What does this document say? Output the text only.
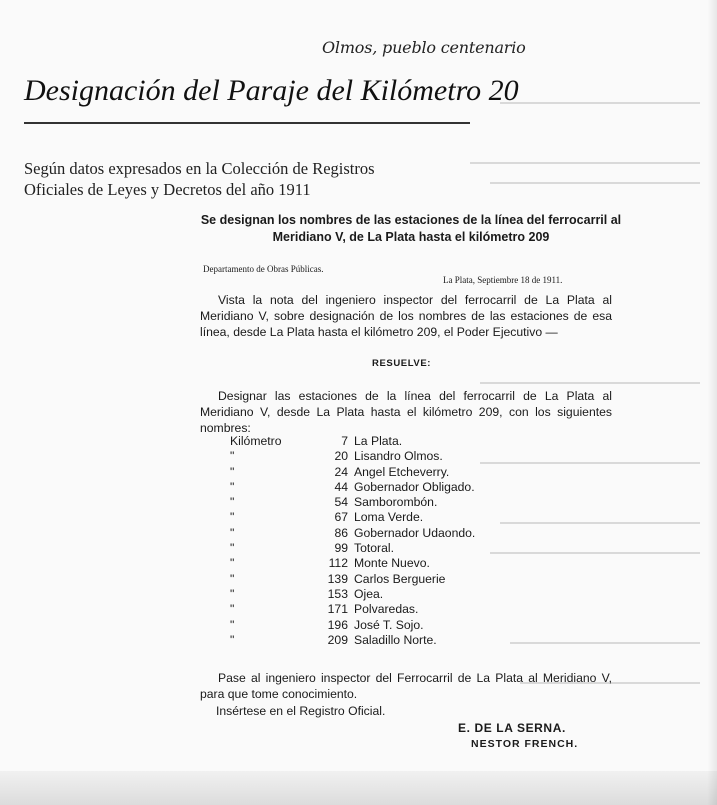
Olmos, pueblo centenario
Designación del Paraje del Kilómetro 20
Según datos expresados en la Colección de Registros Oficiales de Leyes y Decretos del año 1911
Se designan los nombres de las estaciones de la línea del ferrocarril al Meridiano V, de La Plata hasta el kilómetro 209
Departamento de Obras Públicas.
La Plata, Septiembre 18 de 1911.
Vista la nota del ingeniero inspector del ferrocarril de La Plata al Meridiano V, sobre designación de los nombres de las estaciones de esa línea, desde La Plata hasta el kilómetro 209, el Poder Ejecutivo —
RESUELVE:
Designar las estaciones de la línea del ferrocarril de La Plata al Meridiano V, desde La Plata hasta el kilómetro 209, con los siguientes nombres:
Kilómetro	7 La Plata.
"	20 Lisandro Olmos.
"	24 Angel Etcheverry.
"	44 Gobernador Obligado.
"	54 Samborombón.
"	67 Loma Verde.
"	86 Gobernador Udaondo.
"	99 Totoral.
"	112 Monte Nuevo.
"	139 Carlos Berguerie
"	153 Ojea.
"	171 Polvaredas.
"	196 José T. Sojo.
"	209 Saladillo Norte.
Pase al ingeniero inspector del Ferrocarril de La Plata al Meridiano V, para que tome conocimiento.
Insértese en el Registro Oficial.
E. DE LA SERNA.
NESTOR FRENCH.
